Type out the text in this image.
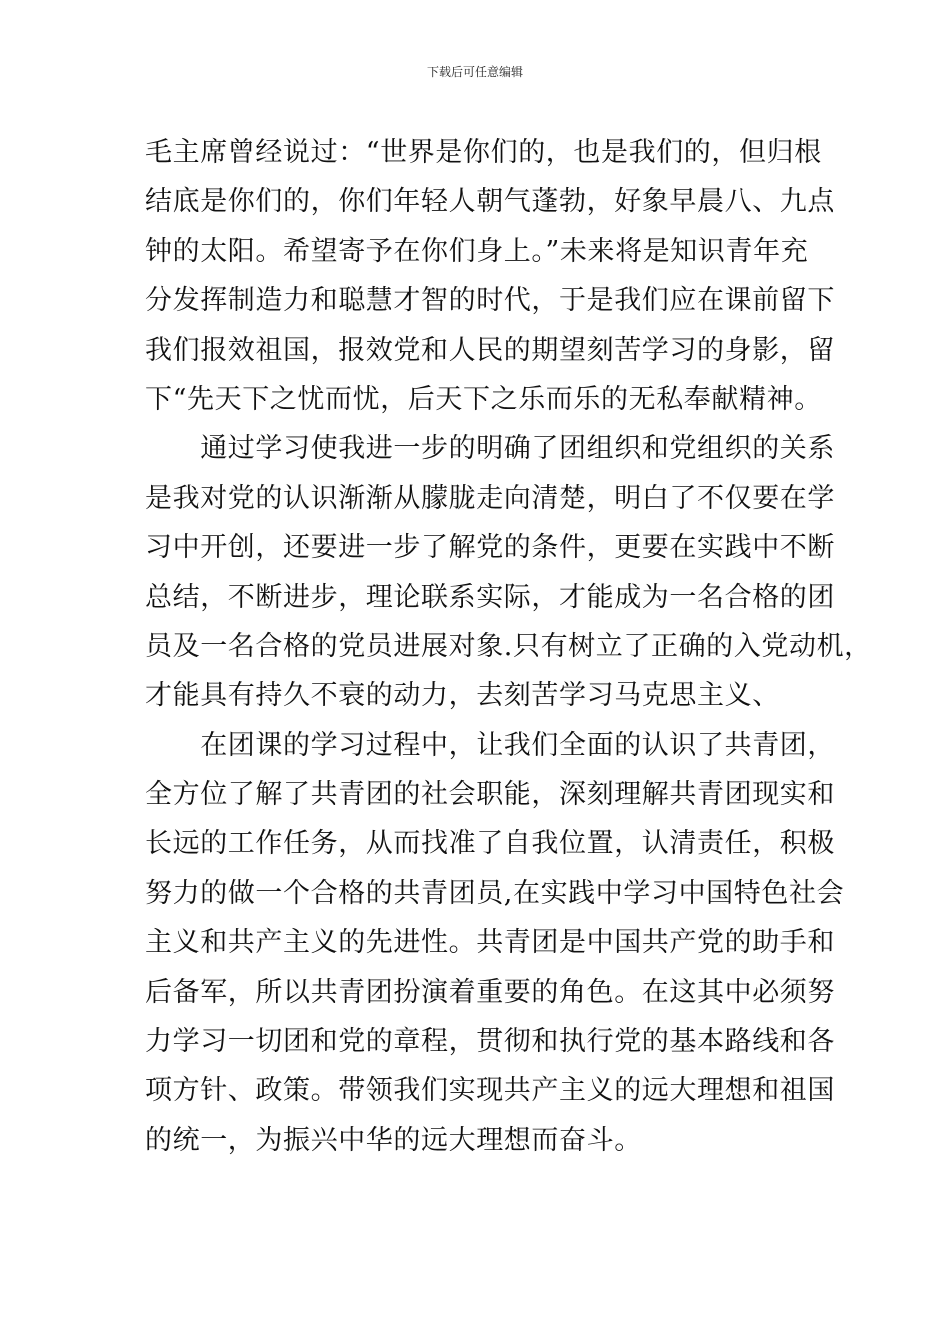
下载后可任意编辑
毛主席曾经说过：“世界是你们的，也是我们的，但归根
结底是你们的，你们年轻人朝气蓬勃，好象早晨八、九点
钟的太阳。希望寄予在你们身上。”未来将是知识青年充
分发挥制造力和聪慧才智的时代，于是我们应在课前留下
我们报效祖国，报效党和人民的期望刻苦学习的身影，留
下“先天下之忧而忧，后天下之乐而乐的无私奉献精神。
　　通过学习使我进一步的明确了团组织和党组织的关系
是我对党的认识渐渐从朦胧走向清楚，明白了不仅要在学
习中开创，还要进一步了解党的条件，更要在实践中不断
总结，不断进步，理论联系实际，才能成为一名合格的团
员及一名合格的党员进展对象.只有树立了正确的入党动机，
才能具有持久不衰的动力，去刻苦学习马克思主义、
　　在团课的学习过程中，让我们全面的认识了共青团，
全方位了解了共青团的社会职能，深刻理解共青团现实和
长远的工作任务，从而找准了自我位置，认清责任，积极
努力的做一个合格的共青团员,在实践中学习中国特色社会
主义和共产主义的先进性。共青团是中国共产党的助手和
后备军，所以共青团扮演着重要的角色。在这其中必须努
力学习一切团和党的章程，贯彻和执行党的基本路线和各
项方针、政策。带领我们实现共产主义的远大理想和祖国
的统一，为振兴中华的远大理想而奋斗。
